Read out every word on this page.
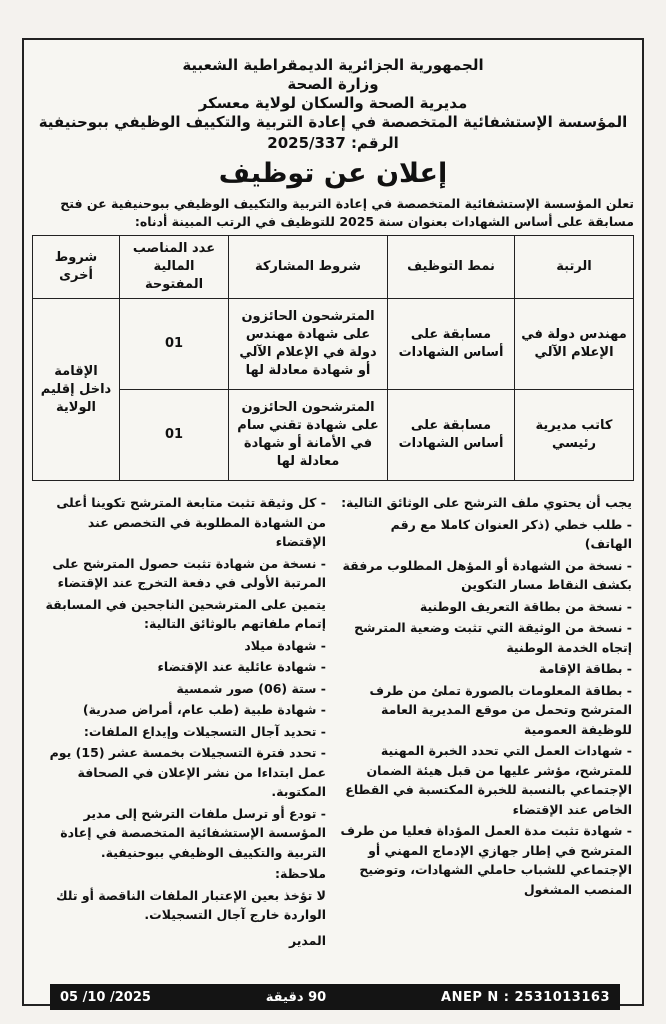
الجمهورية الجزائرية الديمقراطية الشعبية
وزارة الصحة
مديرية الصحة والسكان لولاية معسكر
المؤسسة الإستشفائية المتخصصة في إعادة التربية والتكييف الوظيفي ببوحنيفية
الرقم: 2025/337
إعلان عن توظيف
تعلن المؤسسة الإستشفائية المتخصصة في إعادة التربية والتكييف الوظيفي ببوحنيفية عن فتح مسابقة على أساس الشهادات بعنوان سنة 2025 للتوظيف في الرتب المبينة أدناه:
الرتبة	نمط التوظيف	شروط المشاركة	عدد المناصب المالية المفتوحة	شروط أخرى
مهندس دولة في الإعلام الآلي	مسابقة على أساس الشهادات	المترشحون الحائزون على شهادة مهندس دولة في الإعلام الآلي أو شهادة معادلة لها	01	الإقامة داخل إقليم الولاية
كاتب مديرية رئيسي	مسابقة على أساس الشهادات	المترشحون الحائزون على شهادة تقني سام في الأمانة أو شهادة معادلة لها	01	

يجب أن يحتوي ملف الترشح على الوثائق التالية:

- طلب خطي (ذكر العنوان كاملا مع رقم الهاتف)

- نسخة من الشهادة أو المؤهل المطلوب مرفقة بكشف النقاط مسار التكوين

- نسخة من بطاقة التعريف الوطنية

- نسخة من الوثيقة التي تثبت وضعية المترشح إتجاه الخدمة الوطنية

- بطاقة الإقامة

- بطاقة المعلومات بالصورة تملئ من طرف المترشح وتحمل من موقع المديرية العامة للوظيفة العمومية

- شهادات العمل التي تحدد الخبرة المهنية للمترشح، مؤشر عليها من قبل هيئة الضمان الإجتماعي بالنسبة للخبرة المكتسبة في القطاع الخاص عند الإقتضاء

- شهادة تثبت مدة العمل المؤداة فعليا من طرف المترشح في إطار جهازي الإدماج المهني أو الإجتماعي للشباب حاملي الشهادات، وتوضيح المنصب المشغول

- كل وثيقة تثبت متابعة المترشح تكوينا أعلى من الشهادة المطلوبة في التخصص عند الإقتضاء

- نسخة من شهادة تثبت حصول المترشح على المرتبة الأولى في دفعة التخرج عند الإقتضاء

يتمين على المترشحين الناجحين في المسابقة إتمام ملفاتهم بالوثائق التالية:

- شهادة ميلاد

- شهادة عائلية عند الإقتضاء

- ستة (06) صور شمسية

- شهادة طبية (طب عام، أمراض صدرية)

- تحديد آجال التسجيلات وإيداع الملفات:

- تحدد فترة التسجيلات بخمسة عشر (15) يوم عمل ابتداءا من نشر الإعلان في الصحافة المكتوبة.

- تودع أو ترسل ملفات الترشح إلى مدير المؤسسة الإستشفائية المتخصصة في إعادة التربية والتكييف الوظيفي ببوحنيفية.

ملاحظة:

لا تؤخذ بعين الإعتبار الملفات الناقصة أو تلك الواردة خارج آجال التسجيلات.

المدير

05 /10 /2025	90 دقيقة	ANEP N : 2531013163
